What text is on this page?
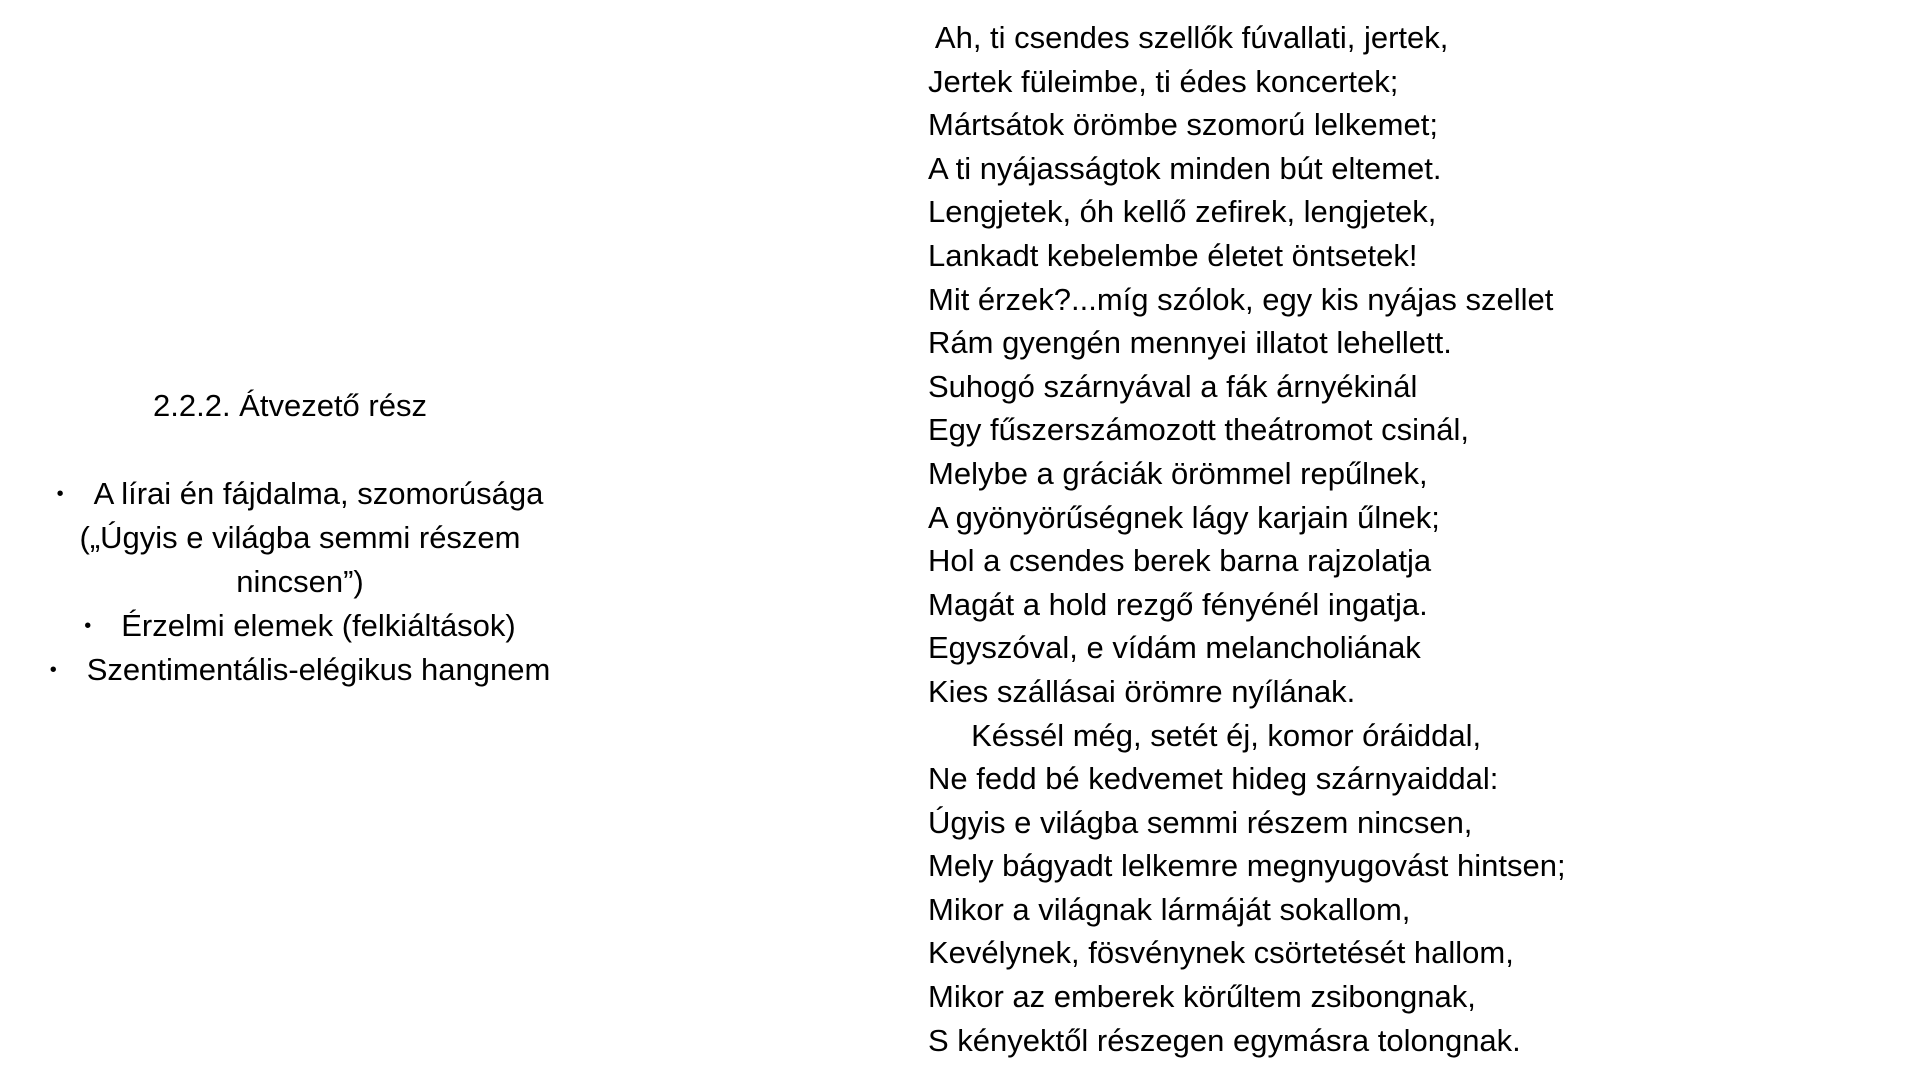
2.2.2. Átvezető rész
• A lírai én fájdalma, szomorúsága
(„Úgyis e világba semmi részem
nincsen”)
• Érzelmi elemek (felkiáltások)
• Szentimentális-elégikus hangnem
Ah, ti csendes szellők fúvallati, jertek,
Jertek füleimbe, ti édes koncertek;
Mártsátok örömbe szomorú lelkemet;
A ti nyájasságtok minden bút eltemet.
Lengjetek, óh kellő zefirek, lengjetek,
Lankadt kebelembe életet öntsetek!
Mit érzek?...míg szólok, egy kis nyájas szellet
Rám gyengén mennyei illatot lehellett.
Suhogó szárnyával a fák árnyékinál
Egy fűszerszámozott theátromot csinál,
Melybe a gráciák örömmel repűlnek,
A gyönyörűségnek lágy karjain űlnek;
Hol a csendes berek barna rajzolatja
Magát a hold rezgő fényénél ingatja.
Egyszóval, e vídám melancholiának
Kies szállásai örömre nyílának.
Késsél még, setét éj, komor óráiddal,
Ne fedd bé kedvemet hideg szárnyaiddal:
Úgyis e világba semmi részem nincsen,
Mely bágyadt lelkemre megnyugovást hintsen;
Mikor a világnak lármáját sokallom,
Kevélynek, fösvénynek csörtetését hallom,
Mikor az emberek körűltem zsibongnak,
S kényektől részegen egymásra tolongnak.
